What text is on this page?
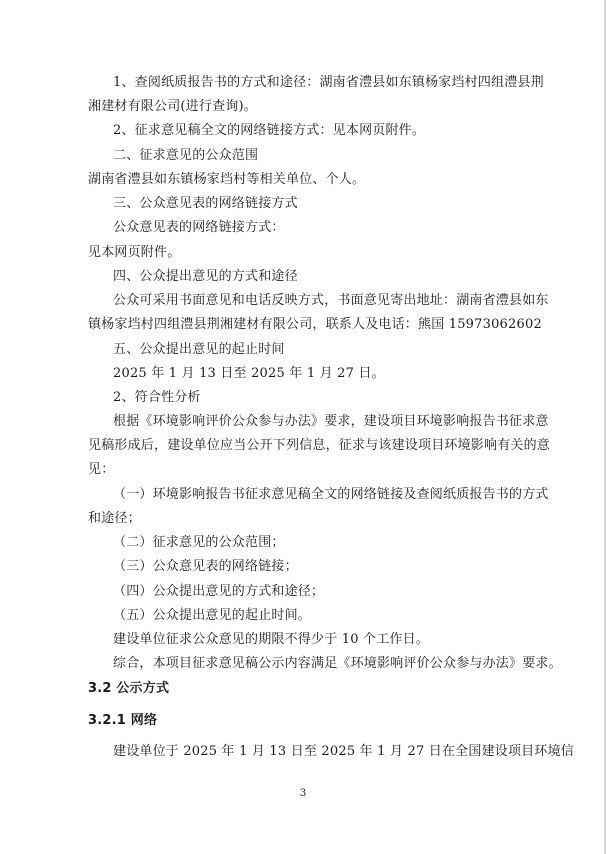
1、查阅纸质报告书的方式和途径：湖南省澧县如东镇杨家垱村四组澧县荆
湘建材有限公司(进行查询)。
2、征求意见稿全文的网络链接方式：见本网页附件。
二、征求意见的公众范围
湖南省澧县如东镇杨家垱村等相关单位、个人。
三、公众意见表的网络链接方式
公众意见表的网络链接方式：
见本网页附件。
四、公众提出意见的方式和途径
公众可采用书面意见和电话反映方式，书面意见寄出地址：湖南省澧县如东
镇杨家垱村四组澧县荆湘建材有限公司，联系人及电话：熊国 15973062602
五、公众提出意见的起止时间
2025 年 1 月 13 日至 2025 年 1 月 27 日。
2、符合性分析
根据《环境影响评价公众参与办法》要求，建设项目环境影响报告书征求意
见稿形成后，建设单位应当公开下列信息，征求与该建设项目环境影响有关的意
见：
（一）环境影响报告书征求意见稿全文的网络链接及查阅纸质报告书的方式
和途径；
（二）征求意见的公众范围；
（三）公众意见表的网络链接；
（四）公众提出意见的方式和途径；
（五）公众提出意见的起止时间。
建设单位征求公众意见的期限不得少于 10 个工作日。
综合，本项目征求意见稿公示内容满足《环境影响评价公众参与办法》要求。
3.2 公示方式
3.2.1 网络
建设单位于 2025 年 1 月 13 日至 2025 年 1 月 27 日在全国建设项目环境信
3
